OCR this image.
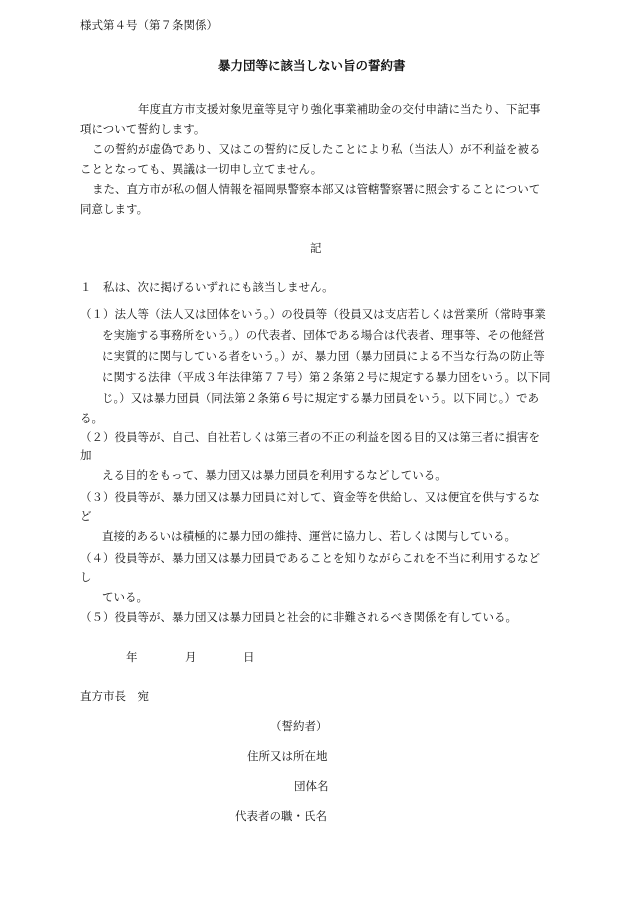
様式第４号（第７条関係）
暴力団等に該当しない旨の誓約書
年度直方市支援対象児童等見守り強化事業補助金の交付申請に当たり、下記事
項について誓約します。
この誓約が虚偽であり、又はこの誓約に反したことにより私（当法人）が不利益を被る
こととなっても、異議は一切申し立てません。
また、直方市が私の個人情報を福岡県警察本部又は管轄警察署に照会することについて
同意します。
記
１　私は、次に掲げるいずれにも該当しません。
（１）法人等（法人又は団体をいう。）の役員等（役員又は支店若しくは営業所（常時事業
を実施する事務所をいう。）の代表者、団体である場合は代表者、理事等、その他経営
に実質的に関与している者をいう。）が、暴力団（暴力団員による不当な行為の防止等
に関する法律（平成３年法律第７７号）第２条第２号に規定する暴力団をいう。以下同
じ。）又は暴力団員（同法第２条第６号に規定する暴力団員をいう。以下同じ。）であ
る。
（２）役員等が、自己、自社若しくは第三者の不正の利益を図る目的又は第三者に損害を
加
える目的をもって、暴力団又は暴力団員を利用するなどしている。
（３）役員等が、暴力団又は暴力団員に対して、資金等を供給し、又は便宜を供与するな
ど
直接的あるいは積極的に暴力団の維持、運営に協力し、若しくは関与している。
（４）役員等が、暴力団又は暴力団員であることを知りながらこれを不当に利用するなど
し
ている。
（５）役員等が、暴力団又は暴力団員と社会的に非難されるべき関係を有している。
年	月	日
直方市長　宛
（誓約者）
住所又は所在地
団体名
代表者の職・氏名
